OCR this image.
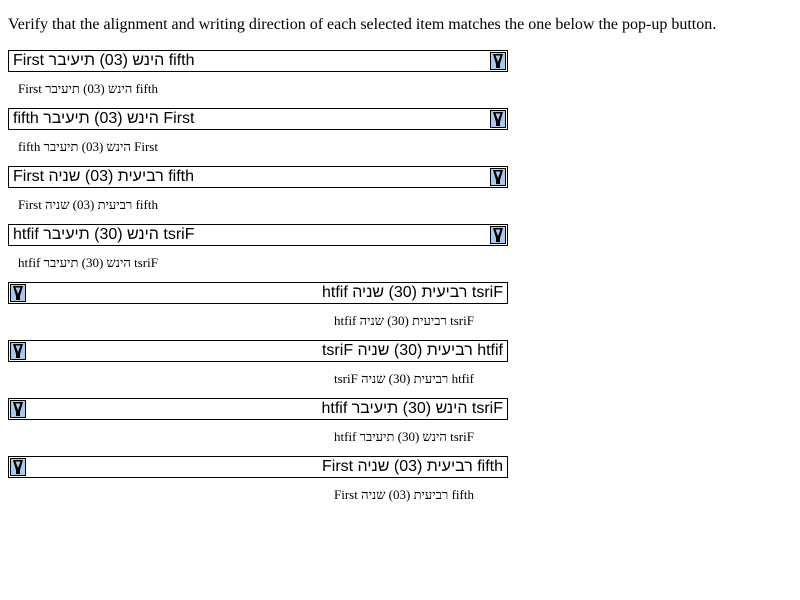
Verify that the alignment and writing direction of each selected item matches the one below the pop-up button.
First רביעית (03) שניה fifth
First רביעית (03) שניה fifth
fifth רביעית (03) שניה First
fifth רביעית (03) שניה First
First הינש (03) תיעיבר fifth
First הינש (03) תיעיבר fifth
htfif רביעית (30) שניה tsriF
htfif רביעית (30) שניה tsriF
First רביעית (03) שניה fifth
First רביעית (03) שניה fifth
fifth רביעית (03) שניה First
fifth רביעית (03) שניה First
First הינש (03) תיעיבר fifth
First הינש (03) תיעיבר fifth
htfif רביעית (30) שניה tsriF
htfif רביעית (30) שניה tsriF
